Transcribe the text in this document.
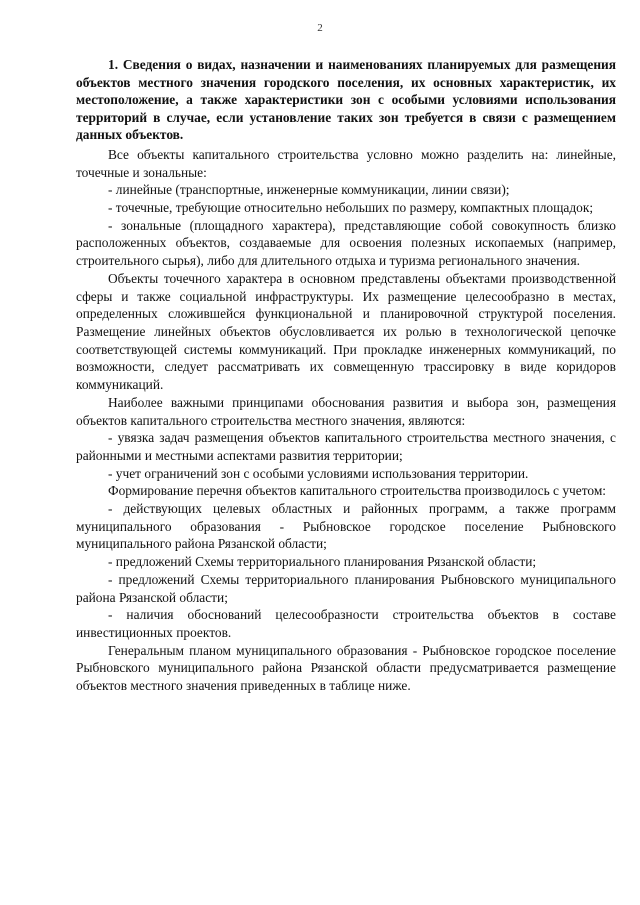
2
1. Сведения о видах, назначении и наименованиях планируемых для размещения объектов местного значения городского поселения, их основных характеристик, их местоположение, а также характеристики зон с особыми условиями использования территорий в случае, если установление таких зон требуется в связи с размещением данных объектов.

Все объекты капитального строительства условно можно разделить на: линейные, точечные и зональные:

- линейные (транспортные, инженерные коммуникации, линии связи);

- точечные, требующие относительно небольших по размеру, компактных площадок;

- зональные (площадного характера), представляющие собой совокупность близко расположенных объектов, создаваемые для освоения полезных ископаемых (например, строительного сырья), либо для длительного отдыха и туризма регионального значения.

Объекты точечного характера в основном представлены объектами производственной сферы и также социальной инфраструктуры. Их размещение целесообразно в местах, определенных сложившейся функциональной и планировочной структурой поселения. Размещение линейных объектов обусловливается их ролью в технологической цепочке соответствующей системы коммуникаций. При прокладке инженерных коммуникаций, по возможности, следует рассматривать их совмещенную трассировку в виде коридоров коммуникаций.

Наиболее важными принципами обоснования развития и выбора зон, размещения объектов капитального строительства местного значения, являются:

- увязка задач размещения объектов капитального строительства местного значения, с районными и местными аспектами развития территории;

- учет ограничений зон с особыми условиями использования территории.

Формирование перечня объектов капитального строительства производилось с учетом:

- действующих целевых областных и районных программ, а также программ муниципального образования - Рыбновское городское поселение Рыбновского муниципального района Рязанской области;

- предложений Схемы территориального планирования Рязанской области;

- предложений Схемы территориального планирования Рыбновского муниципального района Рязанской области;

- наличия обоснований целесообразности строительства объектов в составе инвестиционных проектов.

Генеральным планом муниципального образования - Рыбновское городское поселение Рыбновского муниципального района Рязанской области предусматривается размещение объектов местного значения приведенных в таблице ниже.
